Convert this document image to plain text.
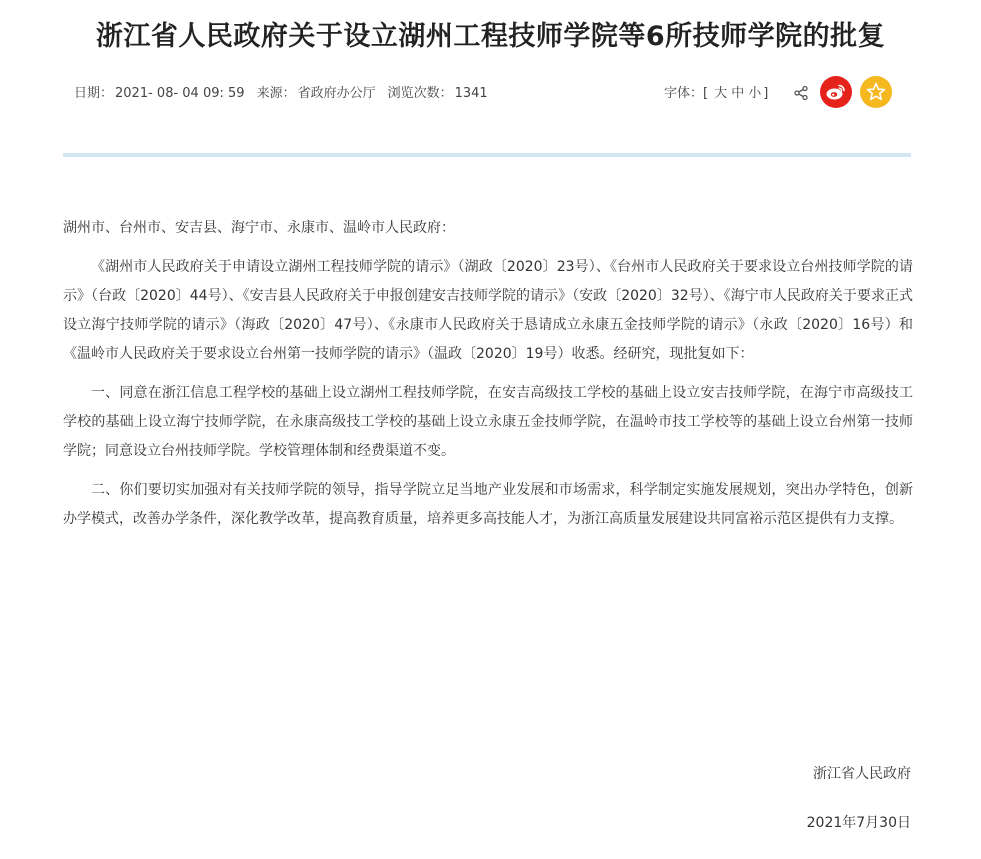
浙江省人民政府关于设立湖州工程技师学院等6所技师学院的批复
日期： 2021- 08- 04 09: 59 来源： 省政府办公厅 浏览次数： 1341	字体：[ 大 中 小 ]

湖州市、台州市、安吉县、海宁市、永康市、温岭市人民政府：

《湖州市人民政府关于申请设立湖州工程技师学院的请示》（湖政〔2020〕23号）、《台州市人民政府关于要求设立台州技师学院的请示》（台政〔2020〕44号）、《安吉县人民政府关于申报创建安吉技师学院的请示》（安政〔2020〕32号）、《海宁市人民政府关于要求正式设立海宁技师学院的请示》（海政〔2020〕47号）、《永康市人民政府关于恳请成立永康五金技师学院的请示》（永政〔2020〕16号）和《温岭市人民政府关于要求设立台州第一技师学院的请示》（温政〔2020〕19号）收悉。经研究，现批复如下：

一、同意在浙江信息工程学校的基础上设立湖州工程技师学院，在安吉高级技工学校的基础上设立安吉技师学院，在海宁市高级技工学校的基础上设立海宁技师学院，在永康高级技工学校的基础上设立永康五金技师学院，在温岭市技工学校等的基础上设立台州第一技师学院；同意设立台州技师学院。学校管理体制和经费渠道不变。

二、你们要切实加强对有关技师学院的领导，指导学院立足当地产业发展和市场需求，科学制定实施发展规划，突出办学特色，创新办学模式，改善办学条件，深化教学改革，提高教育质量，培养更多高技能人才，为浙江高质量发展建设共同富裕示范区提供有力支撑。

浙江省人民政府
2021年7月30日
